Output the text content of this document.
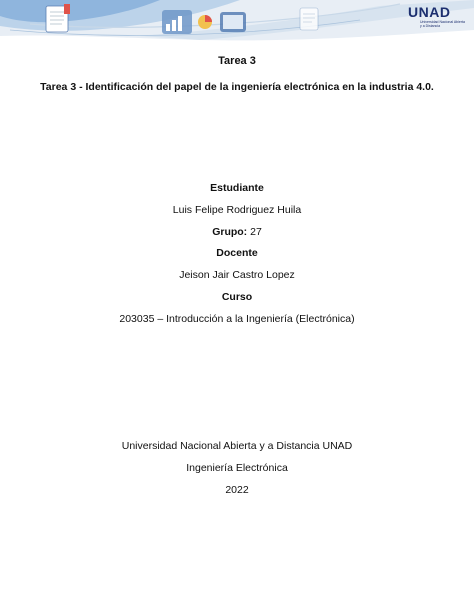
UNAD
Universidad Nacional Abierta y a Distancia
Tarea 3
Tarea 3 - Identificación del papel de la ingeniería electrónica en la industria 4.0.
Estudiante
Luis Felipe Rodriguez Huila
Grupo: 27
Docente
Jeison Jair Castro Lopez
Curso
203035 – Introducción a la Ingeniería (Electrónica)
Universidad Nacional Abierta y a Distancia UNAD
Ingeniería Electrónica
2022
